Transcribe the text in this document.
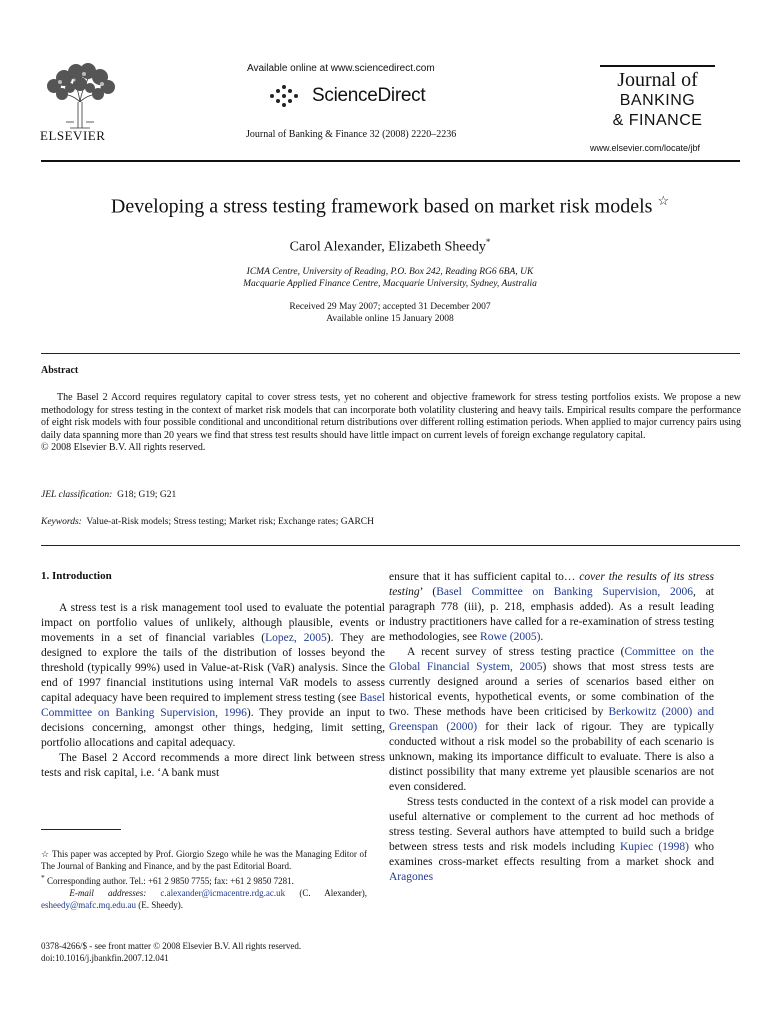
ELSEVIER
Available online at www.sciencedirect.com
ScienceDirect
Journal of Banking & Finance 32 (2008) 2220–2236
Journal of
BANKING
& FINANCE
www.elsevier.com/locate/jbf
Developing a stress testing framework based on market risk models ☆
Carol Alexander, Elizabeth Sheedy*
ICMA Centre, University of Reading, P.O. Box 242, Reading RG6 6BA, UK
Macquarie Applied Finance Centre, Macquarie University, Sydney, Australia
Received 29 May 2007; accepted 31 December 2007
Available online 15 January 2008
Abstract

The Basel 2 Accord requires regulatory capital to cover stress tests, yet no coherent and objective framework for stress testing portfolios exists. We propose a new methodology for stress testing in the context of market risk models that can incorporate both volatility clustering and heavy tails. Empirical results compare the performance of eight risk models with four possible conditional and unconditional return distributions over different rolling estimation periods. When applied to major currency pairs using daily data spanning more than 20 years we find that stress test results should have little impact on current levels of foreign exchange regulatory capital.

© 2008 Elsevier B.V. All rights reserved.
JEL classification: G18; G19; G21
Keywords: Value-at-Risk models; Stress testing; Market risk; Exchange rates; GARCH
1. Introduction

A stress test is a risk management tool used to evaluate the potential impact on portfolio values of unlikely, although plausible, events or movements in a set of financial variables (Lopez, 2005). They are designed to explore the tails of the distribution of losses beyond the threshold (typically 99%) used in Value-at-Risk (VaR) analysis. Since the end of 1997 financial institutions using internal VaR models to assess capital adequacy have been required to implement stress testing (see Basel Committee on Banking Supervision, 1996). They provide an input to decisions concerning, amongst other things, hedging, limit setting, portfolio allocations and capital adequacy.

The Basel 2 Accord recommends a more direct link between stress tests and risk capital, i.e. ‘A bank must

ensure that it has sufficient capital to… cover the results of its stress testing’ (Basel Committee on Banking Supervision, 2006, at paragraph 778 (iii), p. 218, emphasis added). As a result leading industry practitioners have called for a re-examination of stress testing methodologies, see Rowe (2005).

A recent survey of stress testing practice (Committee on the Global Financial System, 2005) shows that most stress tests are currently designed around a series of scenarios based either on historical events, hypothetical events, or some combination of the two. These methods have been criticised by Berkowitz (2000) and Greenspan (2000) for their lack of rigour. They are typically conducted without a risk model so the probability of each scenario is unknown, making its importance difficult to evaluate. There is also a distinct possibility that many extreme yet plausible scenarios are not even considered.

Stress tests conducted in the context of a risk model can provide a useful alternative or complement to the current ad hoc methods of stress testing. Several authors have attempted to build such a bridge between stress tests and risk models including Kupiec (1998) who examines cross-market effects resulting from a market shock and Aragones

☆ This paper was accepted by Prof. Giorgio Szego while he was the Managing Editor of The Journal of Banking and Finance, and by the past Editorial Board.

* Corresponding author. Tel.: +61 2 9850 7755; fax: +61 2 9850 7281.

E-mail addresses: c.alexander@icmacentre.rdg.ac.uk (C. Alexander), esheedy@mafc.mq.edu.au (E. Sheedy).

0378-4266/$ - see front matter © 2008 Elsevier B.V. All rights reserved.
doi:10.1016/j.jbankfin.2007.12.041
